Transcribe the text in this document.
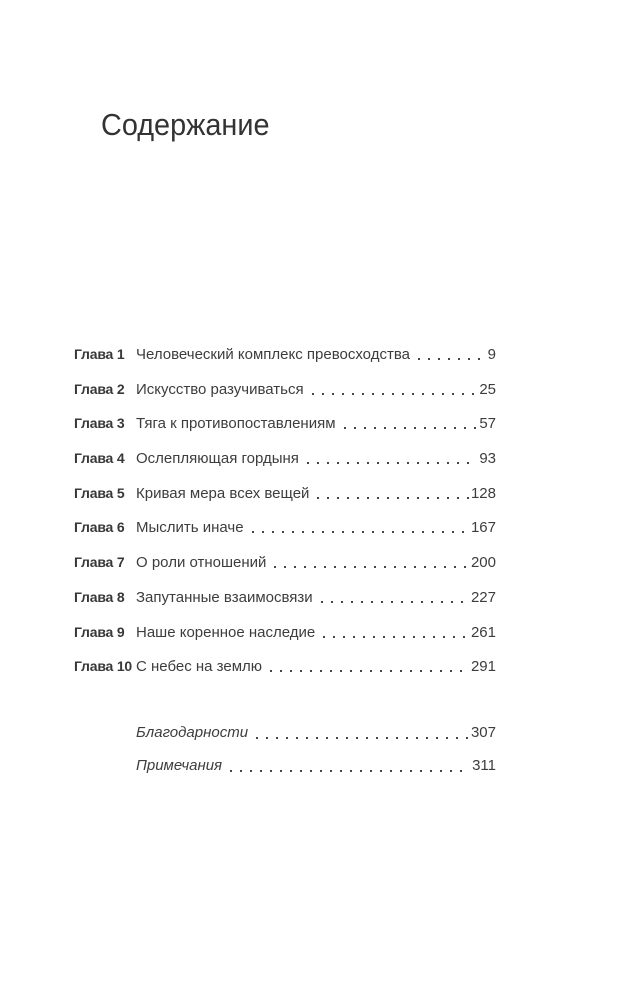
Содержание
Глава 1 Человеческий комплекс превосходства	9
Глава 2 Искусство разучиваться	25
Глава 3 Тяга к противопоставлениям	57
Глава 4 Ослепляющая гордыня	93
Глава 5 Кривая мера всех вещей	128
Глава 6 Мыслить иначе	167
Глава 7 О роли отношений	200
Глава 8 Запутанные взаимосвязи	227
Глава 9 Наше коренное наследие	261
Глава 10 С небес на землю	291
Благодарности	307
Примечания	311
